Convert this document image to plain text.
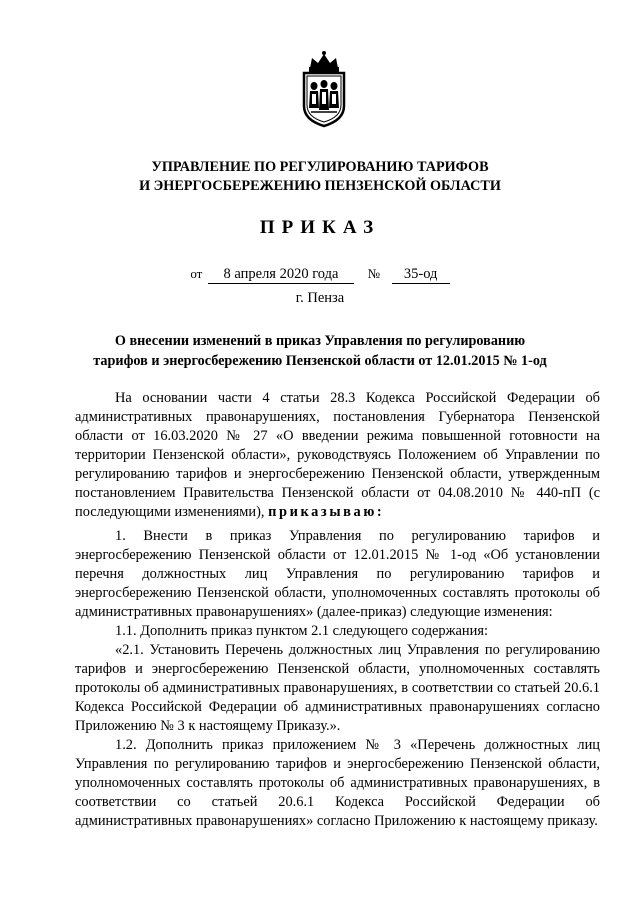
УПРАВЛЕНИЕ ПО РЕГУЛИРОВАНИЮ ТАРИФОВ
И ЭНЕРГОСБЕРЕЖЕНИЮ ПЕНЗЕНСКОЙ ОБЛАСТИ
ПРИКАЗ
от 8 апреля 2020 года № 35-од
г. Пенза
О внесении изменений в приказ Управления по регулированию
тарифов и энергосбережению Пензенской области от 12.01.2015 № 1-од

На основании части 4 статьи 28.3 Кодекса Российской Федерации об административных правонарушениях, постановления Губернатора Пензенской области от 16.03.2020 № 27 «О введении режима повышенной готовности на территории Пензенской области», руководствуясь Положением об Управлении по регулированию тарифов и энергосбережению Пензенской области, утвержденным постановлением Правительства Пензенской области от 04.08.2010 № 440-пП (с последующими изменениями), приказываю:

1. Внести в приказ Управления по регулированию тарифов и энергосбережению Пензенской области от 12.01.2015 № 1-од «Об установлении перечня должностных лиц Управления по регулированию тарифов и энергосбережению Пензенской области, уполномоченных составлять протоколы об административных правонарушениях» (далее-приказ) следующие изменения:

1.1. Дополнить приказ пунктом 2.1 следующего содержания:

«2.1. Установить Перечень должностных лиц Управления по регулированию тарифов и энергосбережению Пензенской области, уполномоченных составлять протоколы об административных правонарушениях, в соответствии со статьей 20.6.1 Кодекса Российской Федерации об административных правонарушениях согласно Приложению № 3 к настоящему Приказу.».

1.2. Дополнить приказ приложением № 3 «Перечень должностных лиц Управления по регулированию тарифов и энергосбережению Пензенской области, уполномоченных составлять протоколы об административных правонарушениях, в соответствии со статьей 20.6.1 Кодекса Российской Федерации об административных правонарушениях» согласно Приложению к настоящему приказу.
